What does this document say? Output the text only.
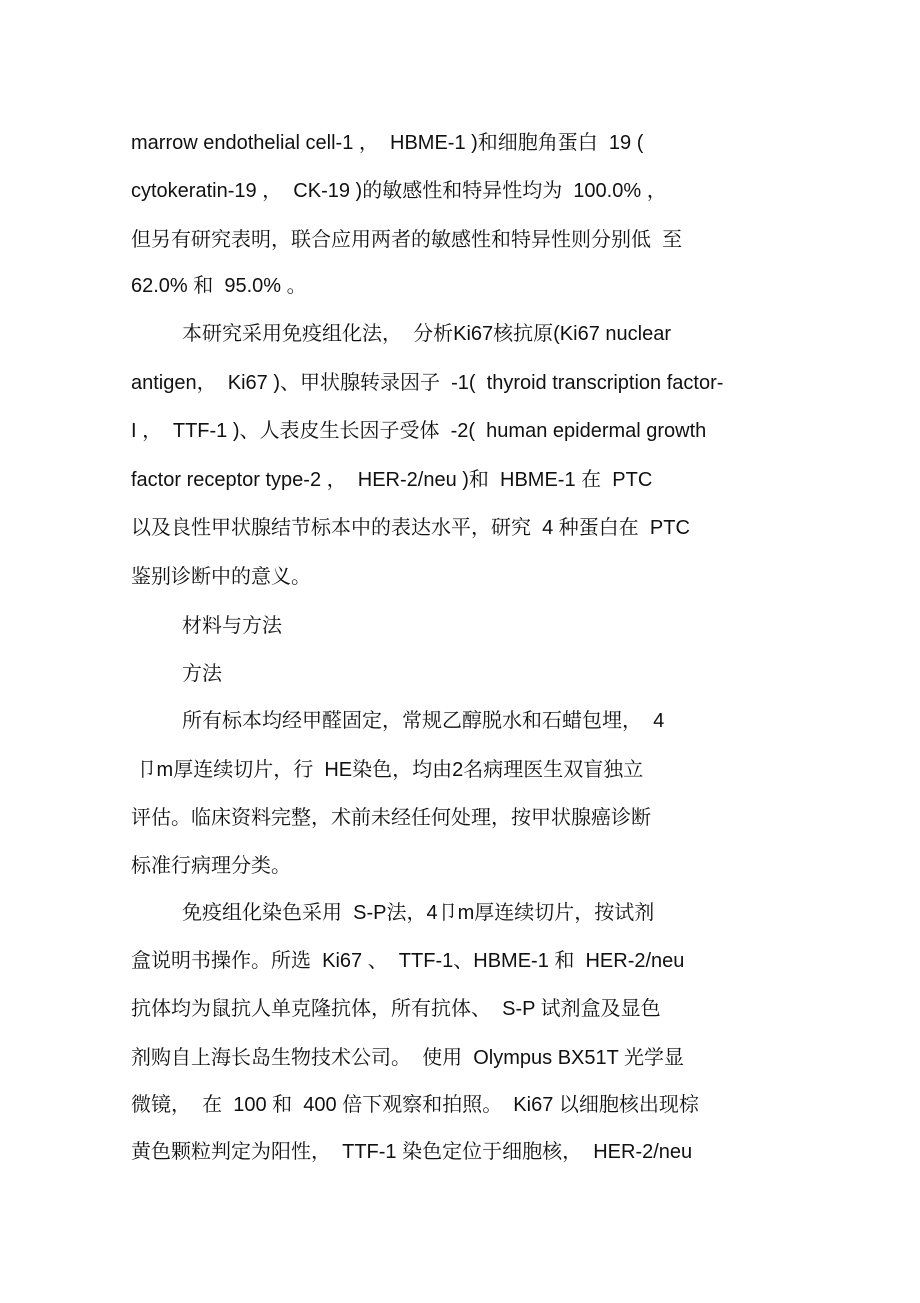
marrow endothelial cell-1 ，  HBME-1 )和细胞角蛋白  19 (
cytokeratin-19 ，  CK-19 )的敏感性和特异性均为  100.0% ，
但另有研究表明，联合应用两者的敏感性和特异性则分别低  至
62.0% 和  95.0% 。
本研究采用免疫组化法，  分析Ki67核抗原(Ki67 nuclear
antigen，  Ki67 )、甲状腺转录因子  -1(  thyroid transcription factor-
I ，  TTF-1 )、人表皮生长因子受体  -2(  human epidermal growth
factor receptor type-2 ，  HER-2/neu )和  HBME-1 在  PTC
以及良性甲状腺结节标本中的表达水平，研究  4 种蛋白在  PTC
鉴别诊断中的意义。
材料与方法
方法
所有标本均经甲醛固定，常规乙醇脱水和石蜡包埋，  4
卩m厚连续切片，行  HE染色，均由2名病理医生双盲独立
评估。临床资料完整，术前未经任何处理，按甲状腺癌诊断
标准行病理分类。
免疫组化染色采用  S-P法，4卩m厚连续切片，按试剂
盒说明书操作。所选  Ki67 、  TTF-1、HBME-1 和  HER-2/neu
抗体均为鼠抗人单克隆抗体，所有抗体、  S-P 试剂盒及显色
剂购自上海长岛生物技术公司。  使用  Olympus BX51T 光学显
微镜，  在  100 和  400 倍下观察和拍照。  Ki67 以细胞核出现棕
黄色颗粒判定为阳性，  TTF-1 染色定位于细胞核，  HER-2/neu
